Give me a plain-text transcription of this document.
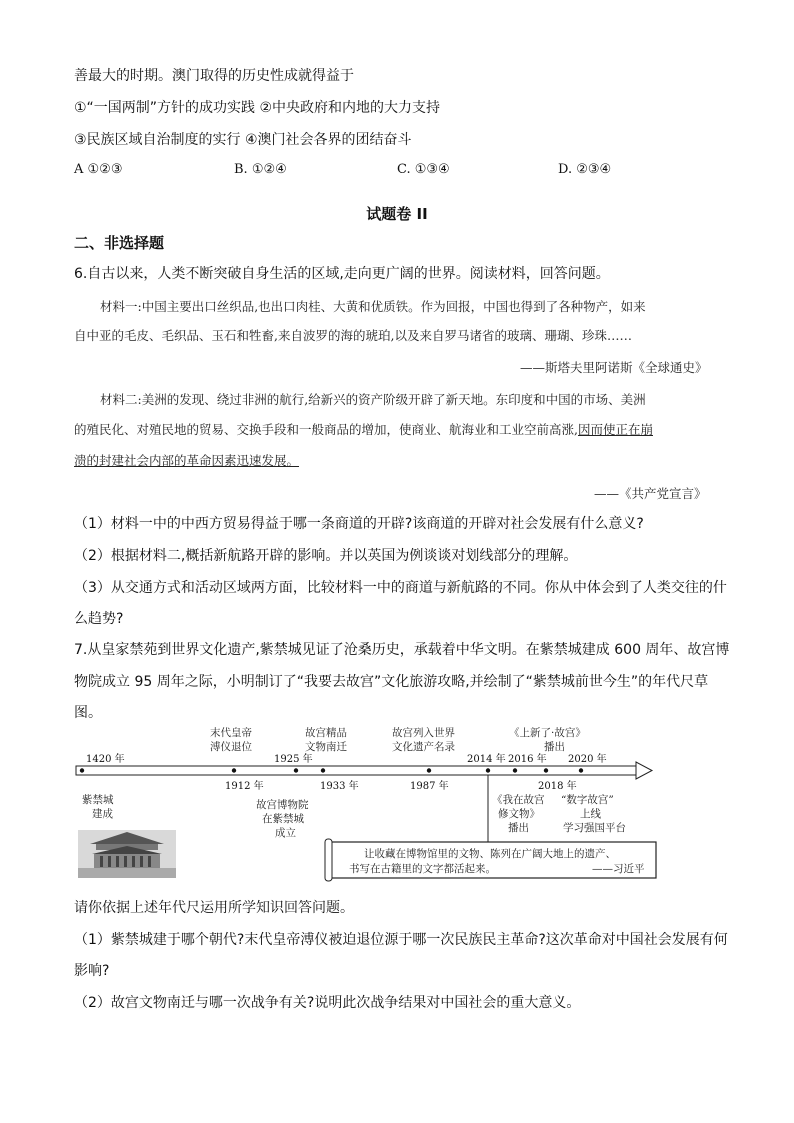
善最大的时期。澳门取得的历史性成就得益于
①“一国两制”方针的成功实践 ②中央政府和内地的大力支持
③民族区域自治制度的实行 ④澳门社会各界的团结奋斗
A ①②③	B. ①②④	C. ①③④	D. ②③④
试题卷 II
二、非选择题
6.自古以来，人类不断突破自身生活的区域,走向更广阔的世界。阅读材料，回答问题。
材料一:中国主要出口丝织品,也出口肉桂、大黄和优质铁。作为回报，中国也得到了各种物产，如来
自中亚的毛皮、毛织品、玉石和牲畜,来自波罗的海的琥珀,以及来自罗马诸省的玻璃、珊瑚、珍珠……
——斯塔夫里阿诺斯《全球通史》
材料二:美洲的发现、绕过非洲的航行,给新兴的资产阶级开辟了新天地。东印度和中国的市场、美洲
的殖民化、对殖民地的贸易、交换手段和一般商品的增加，使商业、航海业和工业空前高涨,因而使正在崩
溃的封建社会内部的革命因素迅速发展。
——《共产党宣言》
（1）材料一中的中西方贸易得益于哪一条商道的开辟?该商道的开辟对社会发展有什么意义?
（2）根据材料二,概括新航路开辟的影响。并以英国为例谈谈对划线部分的理解。
（3）从交通方式和活动区域两方面，比较材料一中的商道与新航路的不同。你从中体会到了人类交往的什
么趋势?
7.从皇家禁苑到世界文化遗产,紫禁城见证了沧桑历史，承载着中华文明。在紫禁城建成 600 周年、故宫博
物院成立 95 周年之际，小明制订了“我要去故宫”文化旅游攻略,并绘制了“紫禁城前世今生”的年代尺草
图。
1420 年
1912 年
1925 年
1933 年	1987 年
2014 年 2016 年
2018 年
2020 年
末代皇帝
溥仪退位
故宫精品
文物南迁
故宫列入世界
文化遗产名录
《上新了·故宫》
播出
紫禁城
建成
故宫博物院
在紫禁城
成立
《我在故宫
修文物》
播出
“数字故宫”
上线
学习强国平台
让收藏在博物馆里的文物、陈列在广阔大地上的遗产、
书写在古籍里的文字都活起来。	——习近平
请你依据上述年代尺运用所学知识回答问题。
（1）紫禁城建于哪个朝代?末代皇帝溥仪被迫退位源于哪一次民族民主革命?这次革命对中国社会发展有何
影响?
（2）故宫文物南迁与哪一次战争有关?说明此次战争结果对中国社会的重大意义。
